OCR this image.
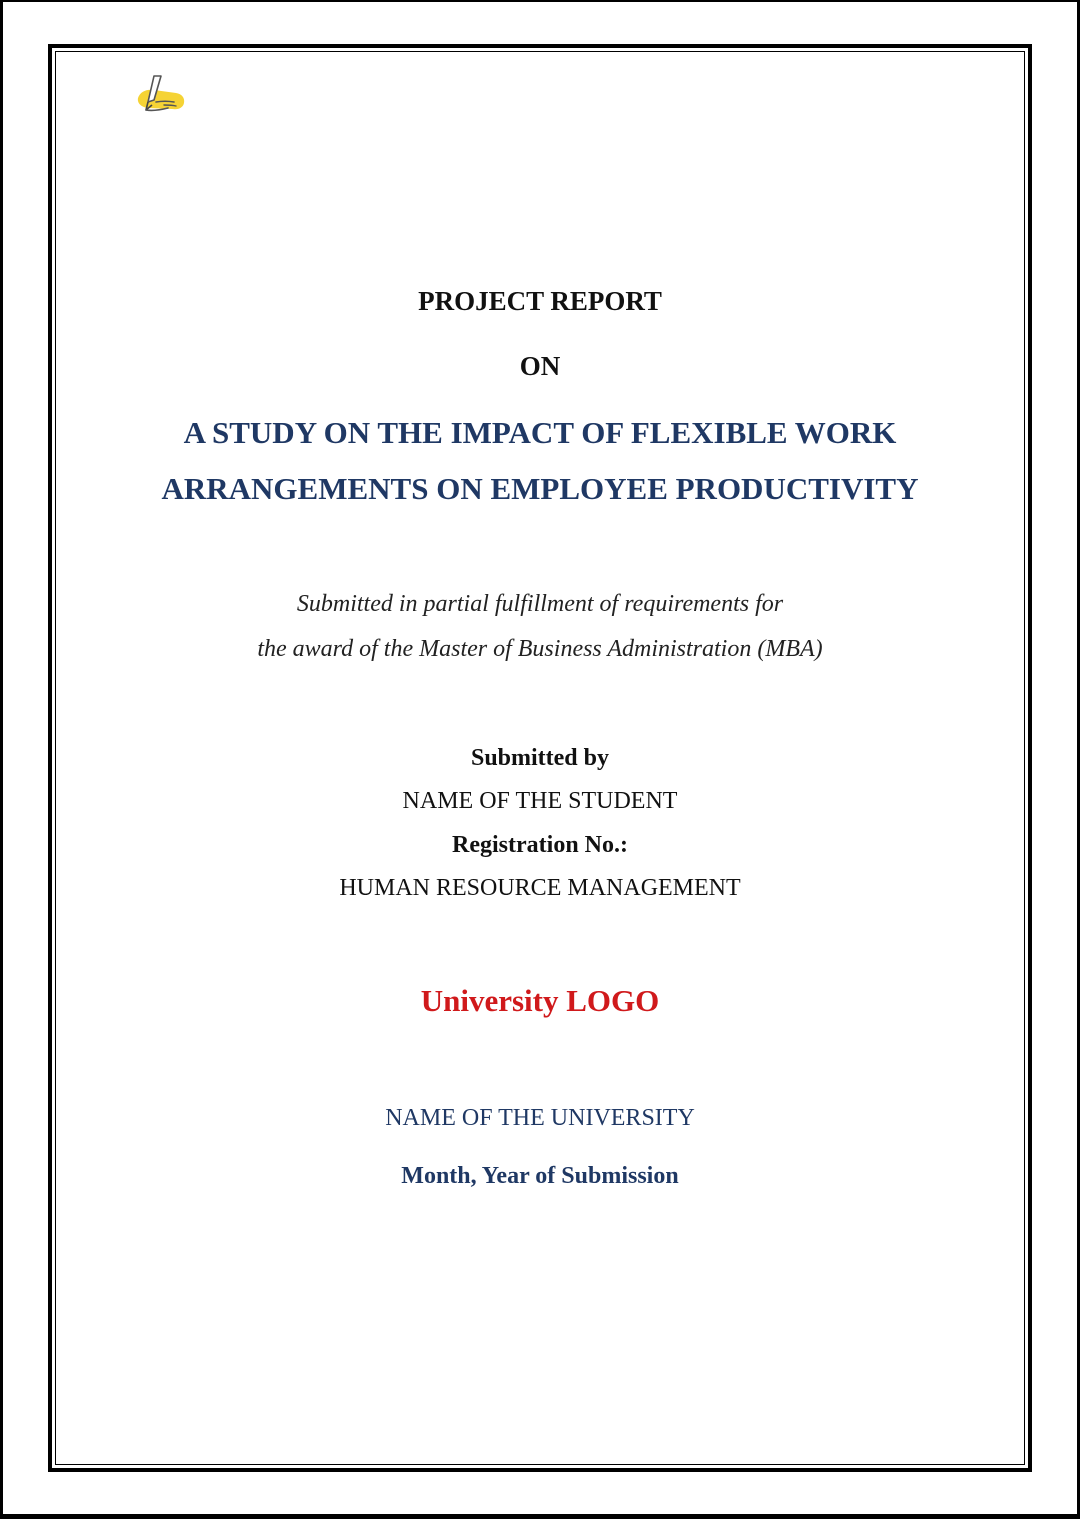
PROJECT REPORT
ON
A STUDY ON THE IMPACT OF FLEXIBLE WORK
ARRANGEMENTS ON EMPLOYEE PRODUCTIVITY
Submitted in partial fulfillment of requirements for
the award of the Master of Business Administration (MBA)
Submitted by
NAME OF THE STUDENT
Registration No.:
HUMAN RESOURCE MANAGEMENT
University LOGO
NAME OF THE UNIVERSITY
Month, Year of Submission
